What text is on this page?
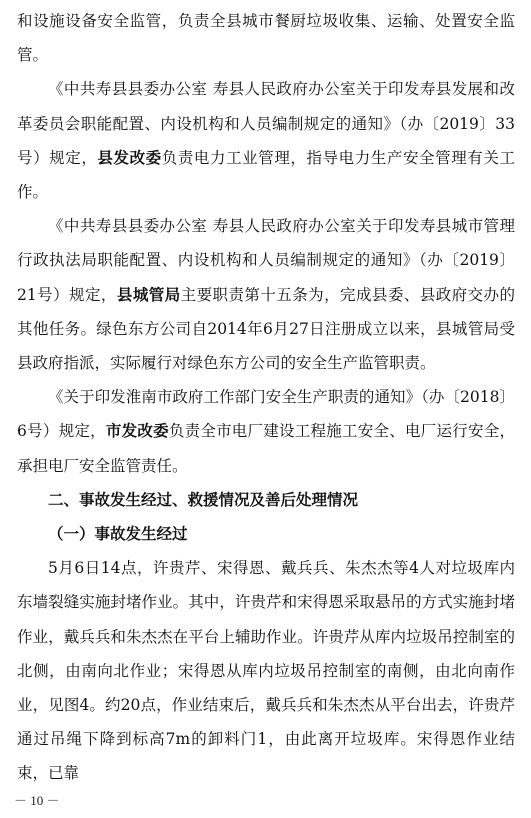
和设施设备安全监管，负责全县城市餐厨垃圾收集、运输、处置安全监管。

《中共寿县县委办公室 寿县人民政府办公室关于印发寿县发展和改革委员会职能配置、内设机构和人员编制规定的通知》（办〔2019〕33号）规定，县发改委负责电力工业管理，指导电力生产安全管理有关工作。

《中共寿县县委办公室 寿县人民政府办公室关于印发寿县城市管理行政执法局职能配置、内设机构和人员编制规定的通知》（办〔2019〕21号）规定，县城管局主要职责第十五条为，完成县委、县政府交办的其他任务。绿色东方公司自2014年6月27日注册成立以来，县城管局受县政府指派，实际履行对绿色东方公司的安全生产监管职责。

《关于印发淮南市政府工作部门安全生产职责的通知》（办〔2018〕6号）规定，市发改委负责全市电厂建设工程施工安全、电厂运行安全，承担电厂安全监管责任。

二、事故发生经过、救援情况及善后处理情况

（一）事故发生经过

5月6日14点，许贵芹、宋得恩、戴兵兵、朱杰杰等4人对垃圾库内东墙裂缝实施封堵作业。其中，许贵芹和宋得恩采取悬吊的方式实施封堵作业，戴兵兵和朱杰杰在平台上辅助作业。许贵芹从库内垃圾吊控制室的北侧，由南向北作业；宋得恩从库内垃圾吊控制室的南侧，由北向南作业，见图4。约20点，作业结束后，戴兵兵和朱杰杰从平台出去，许贵芹通过吊绳下降到标高7m的卸料门1，由此离开垃圾库。宋得恩作业结束，已靠

－ 10 －
